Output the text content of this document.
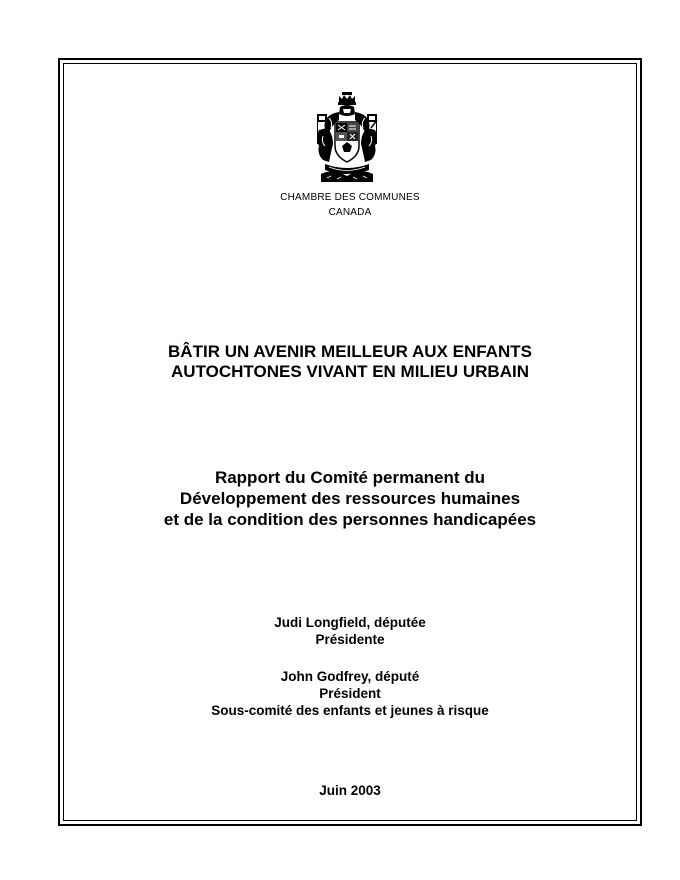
CHAMBRE DES COMMUNES
CANADA
BÂTIR UN AVENIR MEILLEUR AUX ENFANTS
AUTOCHTONES VIVANT EN MILIEU URBAIN
Rapport du Comité permanent du
Développement des ressources humaines
et de la condition des personnes handicapées
Judi Longfield, députée
Présidente
John Godfrey, député
Président
Sous-comité des enfants et jeunes à risque
Juin 2003
